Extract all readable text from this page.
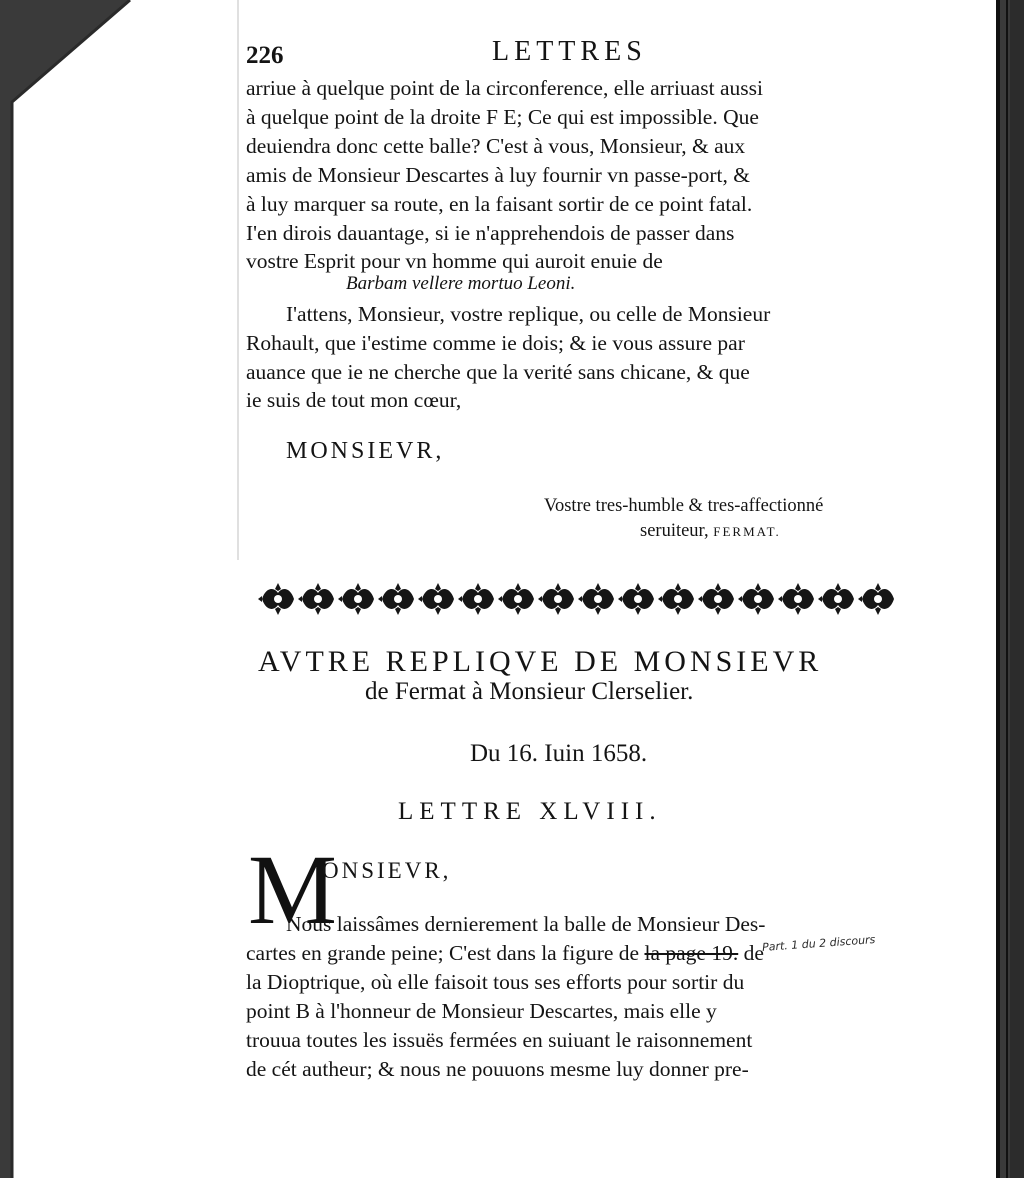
226	LETTRES
arriue à quelque point de la circonference, elle arriuast aussi
à quelque point de la droite F E; Ce qui est impossible. Que
deuiendra donc cette balle? C'est à vous, Monsieur, & aux
amis de Monsieur Descartes à luy fournir vn passe-port, &
à luy marquer sa route, en la faisant sortir de ce point fatal.
I'en dirois dauantage, si ie n'apprehendois de passer dans
vostre Esprit pour vn homme qui auroit enuie de
Barbam vellere mortuo Leoni.
I'attens, Monsieur, vostre replique, ou celle de Monsieur
Rohault, que i'estime comme ie dois; & ie vous assure par
auance que ie ne cherche que la verité sans chicane, & que
ie suis de tout mon cœur,
MONSIEVR,
Vostre tres-humble & tres-affectionné
seruiteur, FERMAT.
AVTRE REPLIQVE DE MONSIEVR
de Fermat à Monsieur Clerselier.
Du 16. Iuin 1658.
LETTRE XLVIII.
M
ONSIEVR,
Nous laissâmes dernierement la balle de Monsieur Des-
cartes en grande peine; C'est dans la figure de la page 19. de
Part. 1 du 2 discours
la Dioptrique, où elle faisoit tous ses efforts pour sortir du
point B à l'honneur de Monsieur Descartes, mais elle y
trouua toutes les issuës fermées en suiuant le raisonnement
de cét autheur; & nous ne pouuons mesme luy donner pre-
